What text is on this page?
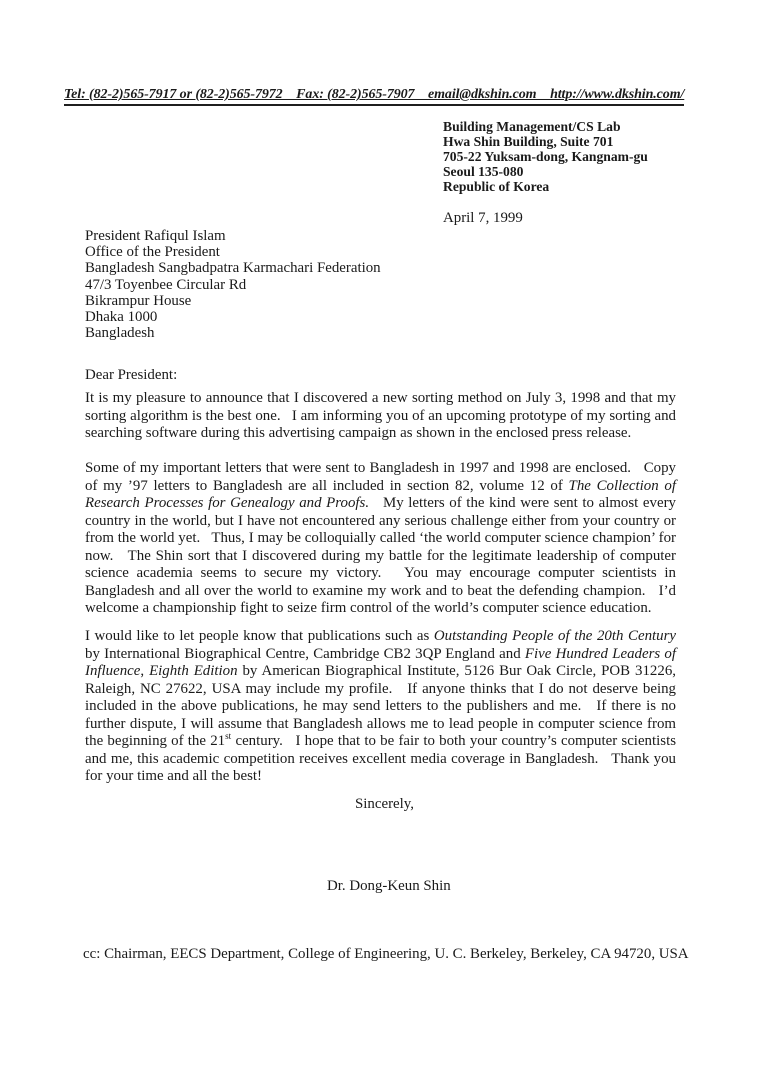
Tel: (82-2)565-7917 or (82-2)565-7972    Fax: (82-2)565-7907    email@dkshin.com    http://www.dkshin.com/
Building Management/CS Lab
Hwa Shin Building, Suite 701
705-22 Yuksam-dong, Kangnam-gu
Seoul 135-080
Republic of Korea
April 7, 1999
President Rafiqul Islam
Office of the President
Bangladesh Sangbadpatra Karmachari Federation
47/3 Toyenbee Circular Rd
Bikrampur House
Dhaka 1000
Bangladesh
Dear President:

It is my pleasure to announce that I discovered a new sorting method on July 3, 1998 and that my sorting algorithm is the best one.   I am informing you of an upcoming prototype of my sorting and searching software during this advertising campaign as shown in the enclosed press release.

Some of my important letters that were sent to Bangladesh in 1997 and 1998 are enclosed.   Copy of my ’97 letters to Bangladesh are all included in section 82, volume 12 of The Collection of Research Processes for Genealogy and Proofs.   My letters of the kind were sent to almost every country in the world, but I have not encountered any serious challenge either from your country or from the world yet.   Thus, I may be colloquially called ‘the world computer science champion’ for now.   The Shin sort that I discovered during my battle for the legitimate leadership of computer science academia seems to secure my victory.   You may encourage computer scientists in Bangladesh and all over the world to examine my work and to beat the defending champion.   I’d welcome a championship fight to seize firm control of the world’s computer science education.

I would like to let people know that publications such as Outstanding People of the 20th Century by International Biographical Centre, Cambridge CB2 3QP England and Five Hundred Leaders of Influence, Eighth Edition by American Biographical Institute, 5126 Bur Oak Circle, POB 31226, Raleigh, NC 27622, USA may include my profile.   If anyone thinks that I do not deserve being included in the above publications, he may send letters to the publishers and me.   If there is no further dispute, I will assume that Bangladesh allows me to lead people in computer science from the beginning of the 21st century.   I hope that to be fair to both your country’s computer scientists and me, this academic competition receives excellent media coverage in Bangladesh.   Thank you for your time and all the best!

Sincerely,
Dr. Dong-Keun Shin
cc: Chairman, EECS Department, College of Engineering, U. C. Berkeley, Berkeley, CA 94720, USA
